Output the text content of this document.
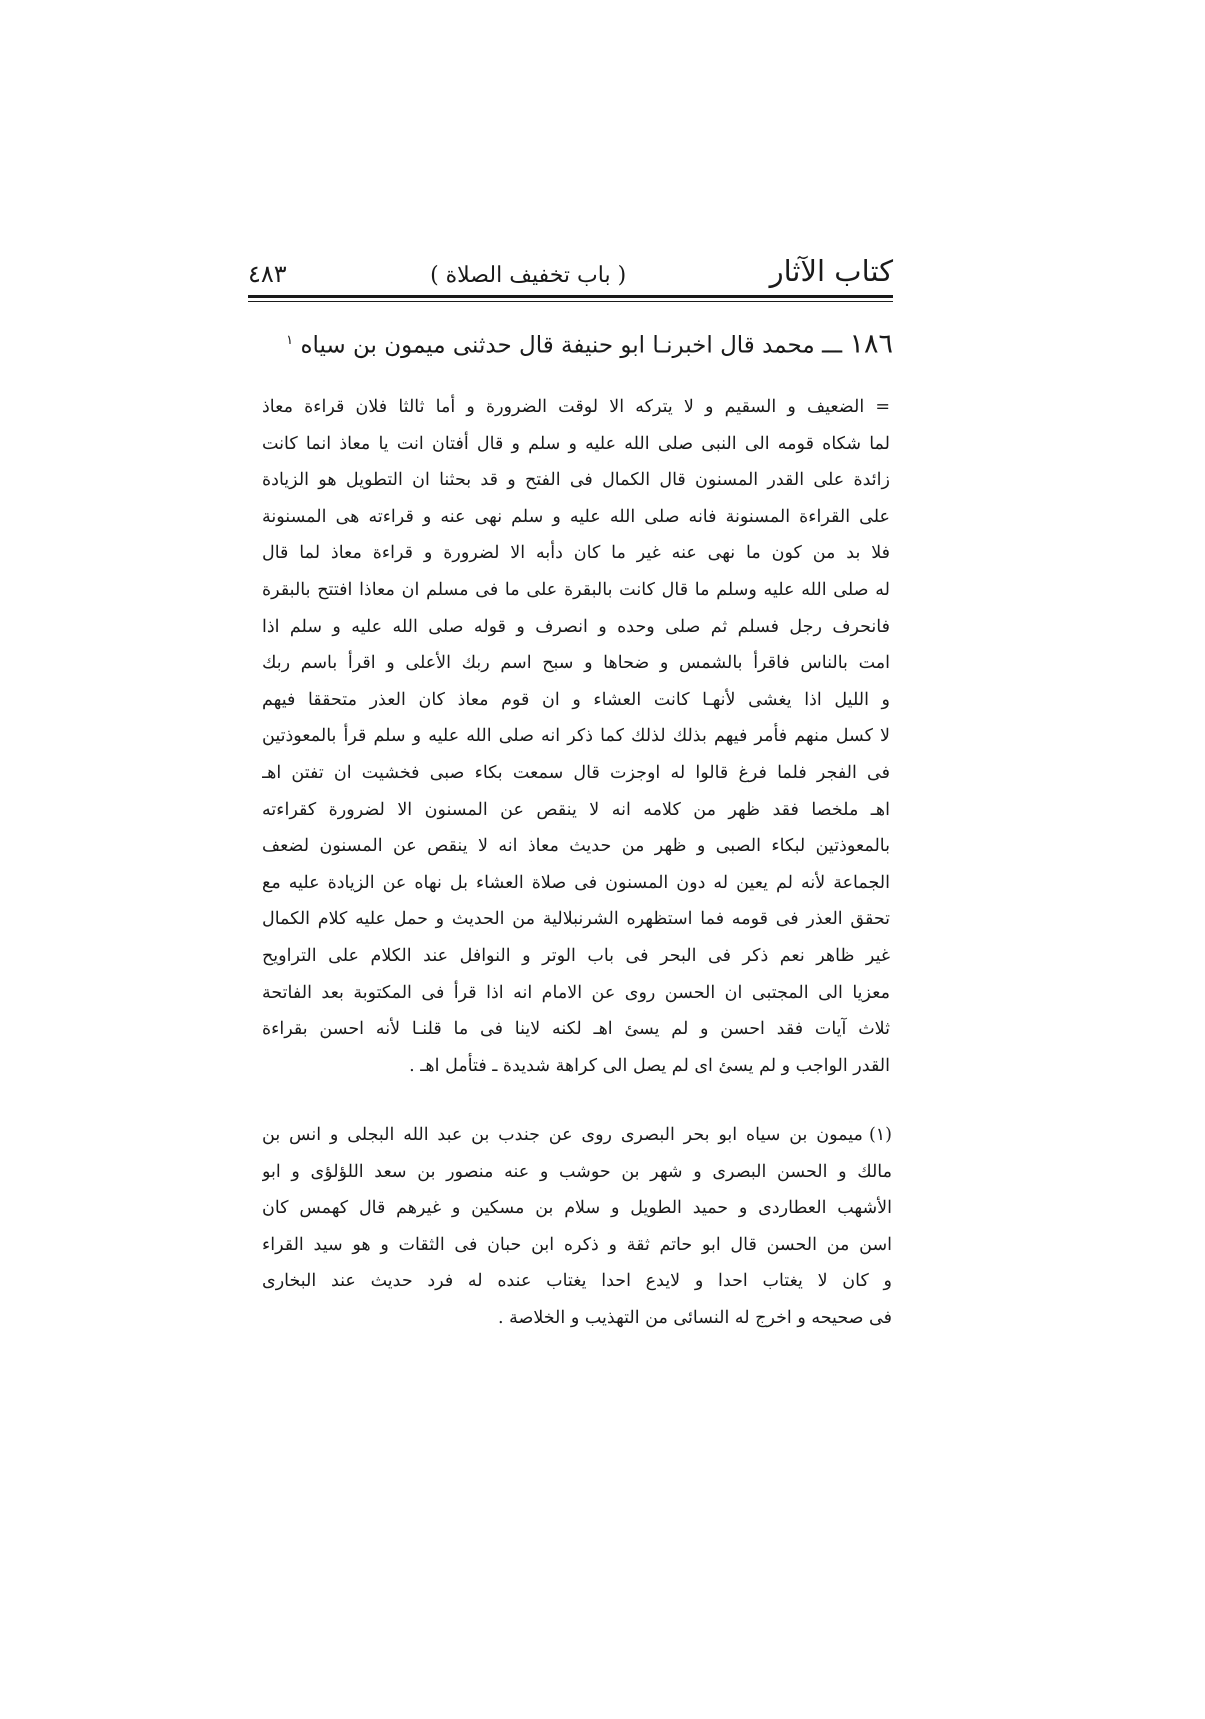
كتاب الآثار
( باب تخفيف الصلاة )
٤٨٣
١٨٦ ـــ محمد قال اخبرنـا ابو حنيفة قال حدثنى ميمون بن سياه $^١$
= الضعيف و السقيم و لا يتركه الا لوقت الضرورة و أما ثالثا فلان قراءة معاذ
لما شكاه قومه الى النبى صلى الله عليه و سلم و قال أفتان انت يا معاذ انما كانت
زائدة على القدر المسنون قال الكمال فى الفتح و قد بحثنا ان التطويل هو الزيادة
على القراءة المسنونة فانه صلى الله عليه و سلم نهى عنه و قراءته هى المسنونة
فلا بد من كون ما نهى عنه غير ما كان دأبه الا لضرورة و قراءة معاذ لما قال
له صلى الله عليه وسلم ما قال كانت بالبقرة على ما فى مسلم ان معاذا افتتح بالبقرة
فانحرف رجل فسلم ثم صلى وحده و انصرف و قوله صلى الله عليه و سلم اذا
امت بالناس فاقرأ بالشمس و ضحاها و سبح اسم ربك الأعلى و اقرأ باسم ربك
و الليل اذا يغشى لأنهـا كانت العشاء و ان قوم معاذ كان العذر متحققا فيهم
لا كسل منهم فأمر فيهم بذلك لذلك كما ذكر انه صلى الله عليه و سلم قرأ بالمعوذتين
فى الفجر فلما فرغ قالوا له اوجزت قال سمعت بكاء صبى فخشيت ان تفتن اهـ
اهـ ملخصا فقد ظهر من كلامه انه لا ينقص عن المسنون الا لضرورة كقراءته
بالمعوذتين لبكاء الصبى و ظهر من حديث معاذ انه لا ينقص عن المسنون لضعف
الجماعة لأنه لم يعين له دون المسنون فى صلاة العشاء بل نهاه عن الزيادة عليه مع
تحقق العذر فى قومه فما استظهره الشرنبلالية من الحديث و حمل عليه كلام الكمال
غير ظاهر نعم ذكر فى البحر فى باب الوتر و النوافل عند الكلام على التراويح
معزيا الى المجتبى ان الحسن روى عن الامام انه اذا قرأ فى المكتوبة بعد الفاتحة
ثلاث آيات فقد احسن و لم يسئ اهـ لكنه لاينا فى ما قلنـا لأنه احسن بقراءة
القدر الواجب و لم يسئ اى لم يصل الى كراهة شديدة ـ فتأمل اهـ .
(١)ميمون بن سياه ابو بحر البصرى روى عن جندب بن عبد الله البجلى و انس بن
مالك و الحسن البصرى و شهر بن حوشب و عنه منصور بن سعد اللؤلؤى و ابو
الأشهب العطاردى و حميد الطويل و سلام بن مسكين و غيرهم قال كهمس كان
اسن من الحسن قال ابو حاتم ثقة و ذكره ابن حبان فى الثقات و هو سيد القراء
و كان لا يغتاب احدا و لايدع احدا يغتاب عنده له فرد حديث عند البخارى
فى صحيحه و اخرج له النسائى من التهذيب و الخلاصة .
